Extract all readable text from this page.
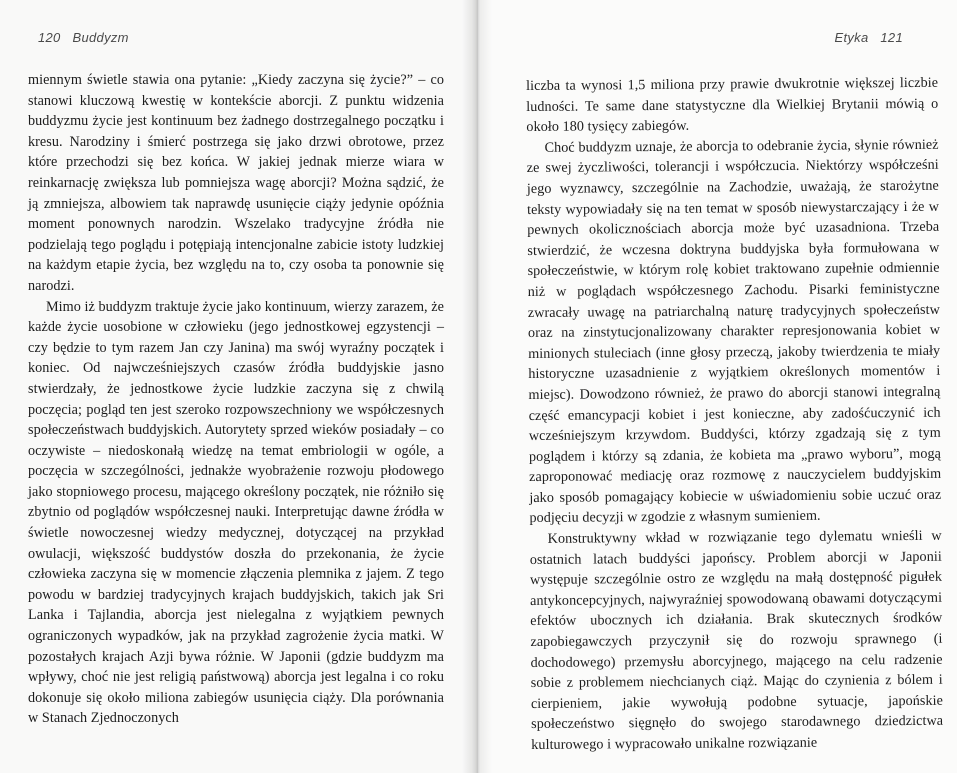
120 Buddyzm

miennym świetle stawia ona pytanie: „Kiedy zaczyna się życie?” – co stanowi kluczową kwestię w kontekście aborcji. Z punktu widzenia buddyzmu życie jest kontinuum bez żadnego dostrzegalnego początku i kresu. Narodziny i śmierć postrzega się jako drzwi obrotowe, przez które przechodzi się bez końca. W jakiej jednak mierze wiara w reinkarnację zwiększa lub pomniejsza wagę aborcji? Można sądzić, że ją zmniejsza, albowiem tak naprawdę usunięcie ciąży jedynie opóźnia moment ponownych narodzin. Wszelako tradycyjne źródła nie podzielają tego poglądu i potępiają intencjonalne zabicie istoty ludzkiej na każdym etapie życia, bez względu na to, czy osoba ta ponownie się narodzi.

Mimo iż buddyzm traktuje życie jako kontinuum, wierzy zarazem, że każde życie uosobione w człowieku (jego jednostkowej egzystencji – czy będzie to tym razem Jan czy Janina) ma swój wyraźny początek i koniec. Od najwcześniejszych czasów źródła buddyjskie jasno stwierdzały, że jednostkowe życie ludzkie zaczyna się z chwilą poczęcia; pogląd ten jest szeroko rozpowszechniony we współczesnych społeczeństwach buddyjskich. Autorytety sprzed wieków posiadały – co oczywiste – niedoskonałą wiedzę na temat embriologii w ogóle, a poczęcia w szczególności, jednakże wyobrażenie rozwoju płodowego jako stopniowego procesu, mającego określony początek, nie różniło się zbytnio od poglądów współczesnej nauki. Interpretując dawne źródła w świetle nowoczesnej wiedzy medycznej, dotyczącej na przykład owulacji, większość buddystów doszła do przekonania, że życie człowieka zaczyna się w momencie złączenia plemnika z jajem. Z tego powodu w bardziej tradycyjnych krajach buddyjskich, takich jak Sri Lanka i Tajlandia, aborcja jest nielegalna z wyjątkiem pewnych ograniczonych wypadków, jak na przykład zagrożenie życia matki. W pozostałych krajach Azji bywa różnie. W Japonii (gdzie buddyzm ma wpływy, choć nie jest religią państwową) aborcja jest legalna i co roku dokonuje się około miliona zabiegów usunięcia ciąży. Dla porównania w Stanach Zjednoczonych

Etyka 121

liczba ta wynosi 1,5 miliona przy prawie dwukrotnie większej liczbie ludności. Te same dane statystyczne dla Wielkiej Brytanii mówią o około 180 tysięcy zabiegów.

Choć buddyzm uznaje, że aborcja to odebranie życia, słynie również ze swej życzliwości, tolerancji i współczucia. Niektórzy współcześni jego wyznawcy, szczególnie na Zachodzie, uważają, że starożytne teksty wypowiadały się na ten temat w sposób niewystarczający i że w pewnych okolicznościach aborcja może być uzasadniona. Trzeba stwierdzić, że wczesna doktryna buddyjska była formułowana w społeczeństwie, w którym rolę kobiet traktowano zupełnie odmiennie niż w poglądach współczesnego Zachodu. Pisarki feministyczne zwracały uwagę na patriarchalną naturę tradycyjnych społeczeństw oraz na zinstytucjonalizowany charakter represjonowania kobiet w minionych stuleciach (inne głosy przeczą, jakoby twierdzenia te miały historyczne uzasadnienie z wyjątkiem określonych momentów i miejsc). Dowodzono również, że prawo do aborcji stanowi integralną część emancypacji kobiet i jest konieczne, aby zadośćuczynić ich wcześniejszym krzywdom. Buddyści, którzy zgadzają się z tym poglądem i którzy są zdania, że kobieta ma „prawo wyboru”, mogą zaproponować mediację oraz rozmowę z nauczycielem buddyjskim jako sposób pomagający kobiecie w uświadomieniu sobie uczuć oraz podjęciu decyzji w zgodzie z własnym sumieniem.

Konstruktywny wkład w rozwiązanie tego dylematu wnieśli w ostatnich latach buddyści japońscy. Problem aborcji w Japonii występuje szczególnie ostro ze względu na małą dostępność pigułek antykoncepcyjnych, najwyraźniej spowodowaną obawami dotyczącymi efektów ubocznych ich działania. Brak skutecznych środków zapobiegawczych przyczynił się do rozwoju sprawnego (i dochodowego) przemysłu aborcyjnego, mającego na celu radzenie sobie z problemem niechcianych ciąż. Mając do czynienia z bólem i cierpieniem, jakie wywołują podobne sytuacje, japońskie społeczeństwo sięgnęło do swojego starodawnego dziedzictwa kulturowego i wypracowało unikalne rozwiązanie
